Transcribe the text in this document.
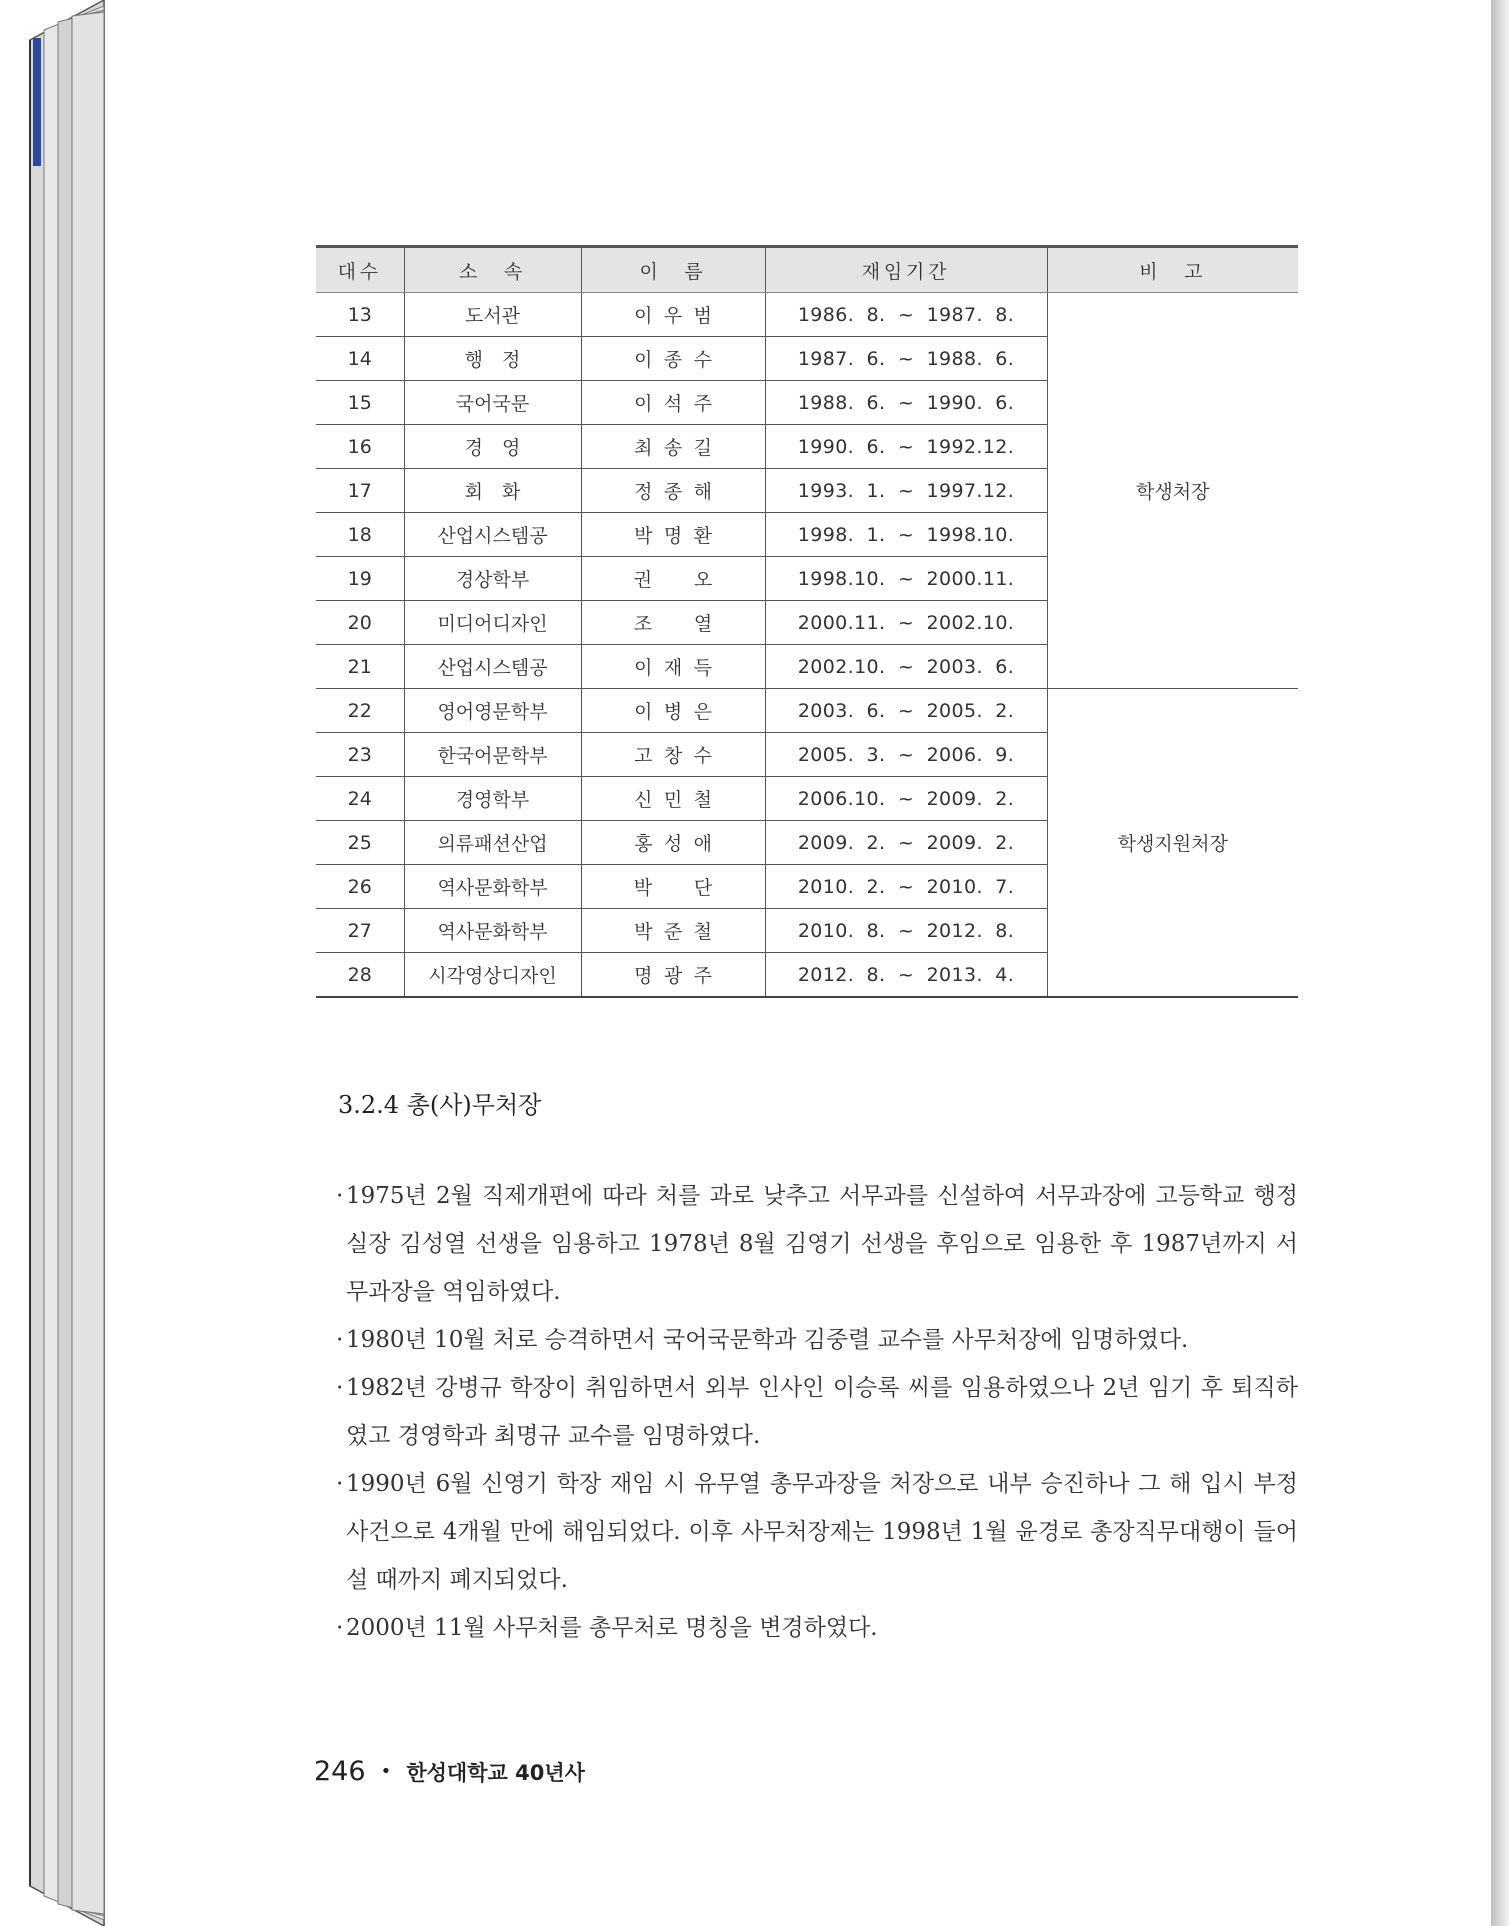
대수	소　속	이　름	재임기간	비　고
13	도서관	이우범	1986. 8. ~ 1987. 8.	학생처장
14	행　정	이종수	1987. 6. ~ 1988. 6.	
15	국어국문	이석주	1988. 6. ~ 1990. 6.	
16	경　영	최송길	1990. 6. ~ 1992.12.	
17	회　화	정종해	1993. 1. ~ 1997.12.	
18	산업시스템공	박명환	1998. 1. ~ 1998.10.	
19	경상학부	권　오	1998.10. ~ 2000.11.	
20	미디어디자인	조　열	2000.11. ~ 2002.10.	
21	산업시스템공	이재득	2002.10. ~ 2003. 6.	
22	영어영문학부	이병은	2003. 6. ~ 2005. 2.	학생지원처장
23	한국어문학부	고창수	2005. 3. ~ 2006. 9.	
24	경영학부	신민철	2006.10. ~ 2009. 2.	
25	의류패션산업	홍성애	2009. 2. ~ 2009. 2.	
26	역사문화학부	박　단	2010. 2. ~ 2010. 7.	
27	역사문화학부	박준철	2010. 8. ~ 2012. 8.	
28	시각영상디자인	명광주	2012. 8. ~ 2013. 4.	
3.2.4 총(사)무처장
· 1975년 2월 직제개편에 따라 처를 과로 낮추고 서무과를 신설하여 서무과장에 고등학교 행정실장 김성열 선생을 임용하고 1978년 8월 김영기 선생을 후임으로 임용한 후 1987년까지 서무과장을 역임하였다.
· 1980년 10월 처로 승격하면서 국어국문학과 김중렬 교수를 사무처장에 임명하였다.
· 1982년 강병규 학장이 취임하면서 외부 인사인 이승록 씨를 임용하였으나 2년 임기 후 퇴직하였고 경영학과 최명규 교수를 임명하였다.
· 1990년 6월 신영기 학장 재임 시 유무열 총무과장을 처장으로 내부 승진하나 그 해 입시 부정사건으로 4개월 만에 해임되었다. 이후 사무처장제는 1998년 1월 윤경로 총장직무대행이 들어설 때까지 폐지되었다.
· 2000년 11월 사무처를 총무처로 명칭을 변경하였다.
246 • 한성대학교 40년사
